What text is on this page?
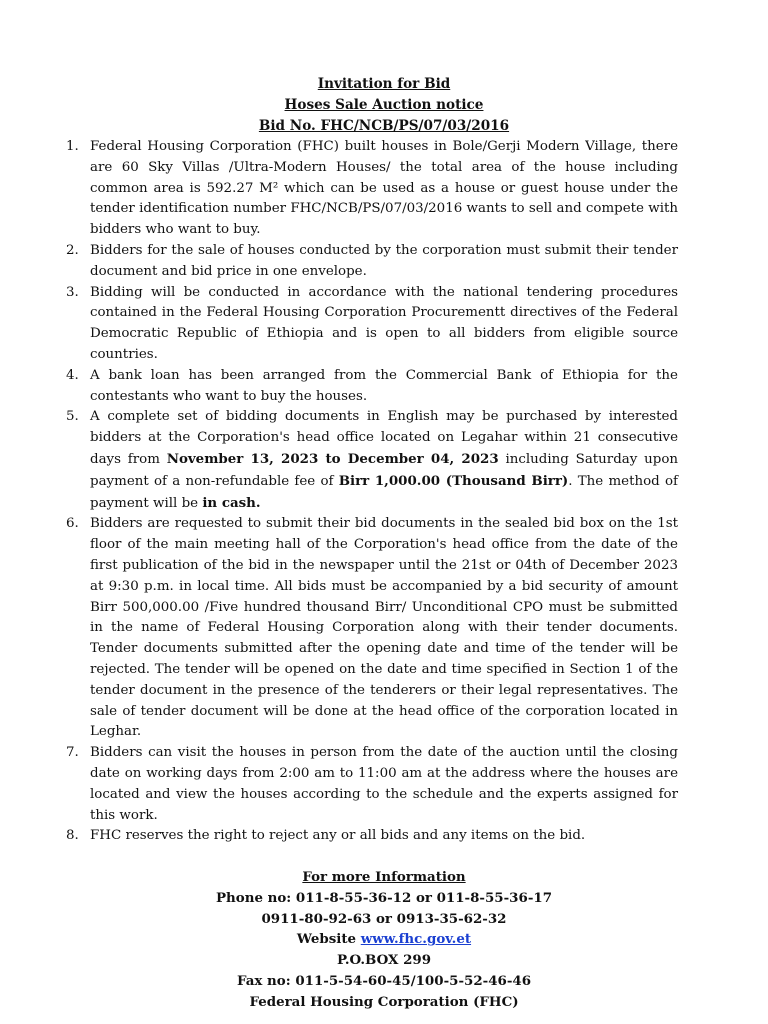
Invitation for Bid
Hoses Sale Auction notice
Bid No. FHC/NCB/PS/07/03/2016
1. Federal Housing Corporation (FHC) built houses in Bole/Gerji Modern Village, there are 60 Sky Villas /Ultra-Modern Houses/ the total area of the house including common area is 592.27 M² which can be used as a house or guest house under the tender identification number FHC/NCB/PS/07/03/2016 wants to sell and compete with bidders who want to buy.
2. Bidders for the sale of houses conducted by the corporation must submit their tender document and bid price in one envelope.
3. Bidding will be conducted in accordance with the national tendering procedures contained in the Federal Housing Corporation Procurementt directives of the Federal Democratic Republic of Ethiopia and is open to all bidders from eligible source countries.
4. A bank loan has been arranged from the Commercial Bank of Ethiopia for the contestants who want to buy the houses.
5. A complete set of bidding documents in English may be purchased by interested bidders at the Corporation's head office located on Legahar within 21 consecutive days from November 13, 2023 to December 04, 2023 including Saturday upon payment of a non-refundable fee of Birr 1,000.00 (Thousand Birr). The method of payment will be in cash.
6. Bidders are requested to submit their bid documents in the sealed bid box on the 1st floor of the main meeting hall of the Corporation's head office from the date of the first publication of the bid in the newspaper until the 21st or 04th of December 2023 at 9:30 p.m. in local time. All bids must be accompanied by a bid security of amount Birr 500,000.00 /Five hundred thousand Birr/ Unconditional CPO must be submitted in the name of Federal Housing Corporation along with their tender documents. Tender documents submitted after the opening date and time of the tender will be rejected. The tender will be opened on the date and time specified in Section 1 of the tender document in the presence of the tenderers or their legal representatives. The sale of tender document will be done at the head office of the corporation located in Leghar.
7. Bidders can visit the houses in person from the date of the auction until the closing date on working days from 2:00 am to 11:00 am at the address where the houses are located and view the houses according to the schedule and the experts assigned for this work.
8. FHC reserves the right to reject any or all bids and any items on the bid.
For more Information
Phone no: 011-8-55-36-12 or 011-8-55-36-17
0911-80-92-63 or 0913-35-62-32
Website www.fhc.gov.et
P.O.BOX 299
Fax no: 011-5-54-60-45/100-5-52-46-46
Federal Housing Corporation (FHC)
